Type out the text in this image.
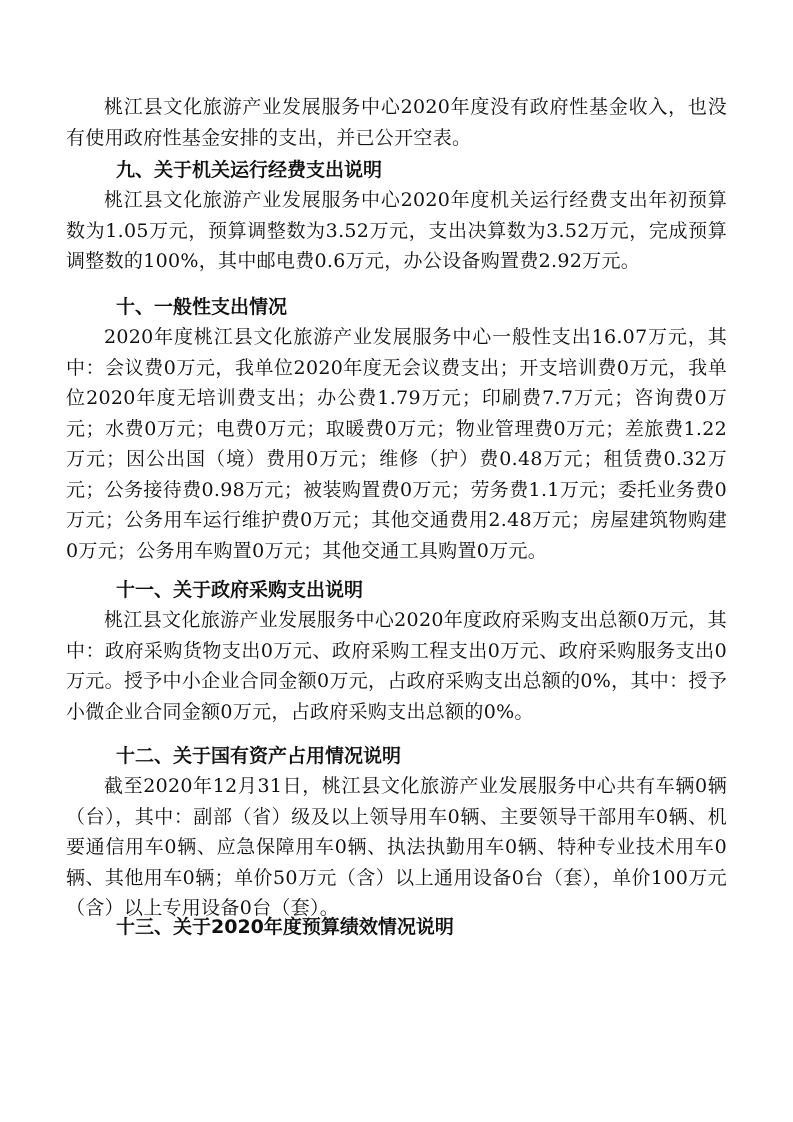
桃江县文化旅游产业发展服务中心2020年度没有政府性基金收入，也没有使用政府性基金安排的支出，并已公开空表。

九、关于机关运行经费支出说明

桃江县文化旅游产业发展服务中心2020年度机关运行经费支出年初预算数为1.05万元，预算调整数为3.52万元，支出决算数为3.52万元，完成预算调整数的100%，其中邮电费0.6万元，办公设备购置费2.92万元。

十、一般性支出情况

2020年度桃江县文化旅游产业发展服务中心一般性支出16.07万元，其中：会议费0万元，我单位2020年度无会议费支出；开支培训费0万元，我单位2020年度无培训费支出；办公费1.79万元；印刷费7.7万元；咨询费0万元；水费0万元；电费0万元；取暖费0万元；物业管理费0万元；差旅费1.22万元；因公出国（境）费用0万元；维修（护）费0.48万元；租赁费0.32万元；公务接待费0.98万元；被装购置费0万元；劳务费1.1万元；委托业务费0万元；公务用车运行维护费0万元；其他交通费用2.48万元；房屋建筑物购建0万元；公务用车购置0万元；其他交通工具购置0万元。

十一、关于政府采购支出说明

桃江县文化旅游产业发展服务中心2020年度政府采购支出总额0万元，其中：政府采购货物支出0万元、政府采购工程支出0万元、政府采购服务支出0万元。授予中小企业合同金额0万元，占政府采购支出总额的0%，其中：授予小微企业合同金额0万元，占政府采购支出总额的0%。

十二、关于国有资产占用情况说明

截至2020年12月31日，桃江县文化旅游产业发展服务中心共有车辆0辆（台），其中：副部（省）级及以上领导用车0辆、主要领导干部用车0辆、机要通信用车0辆、应急保障用车0辆、执法执勤用车0辆、特种专业技术用车0辆、其他用车0辆；单价50万元（含）以上通用设备0台（套），单价100万元（含）以上专用设备0台（套）。

十三、关于2020年度预算绩效情况说明
